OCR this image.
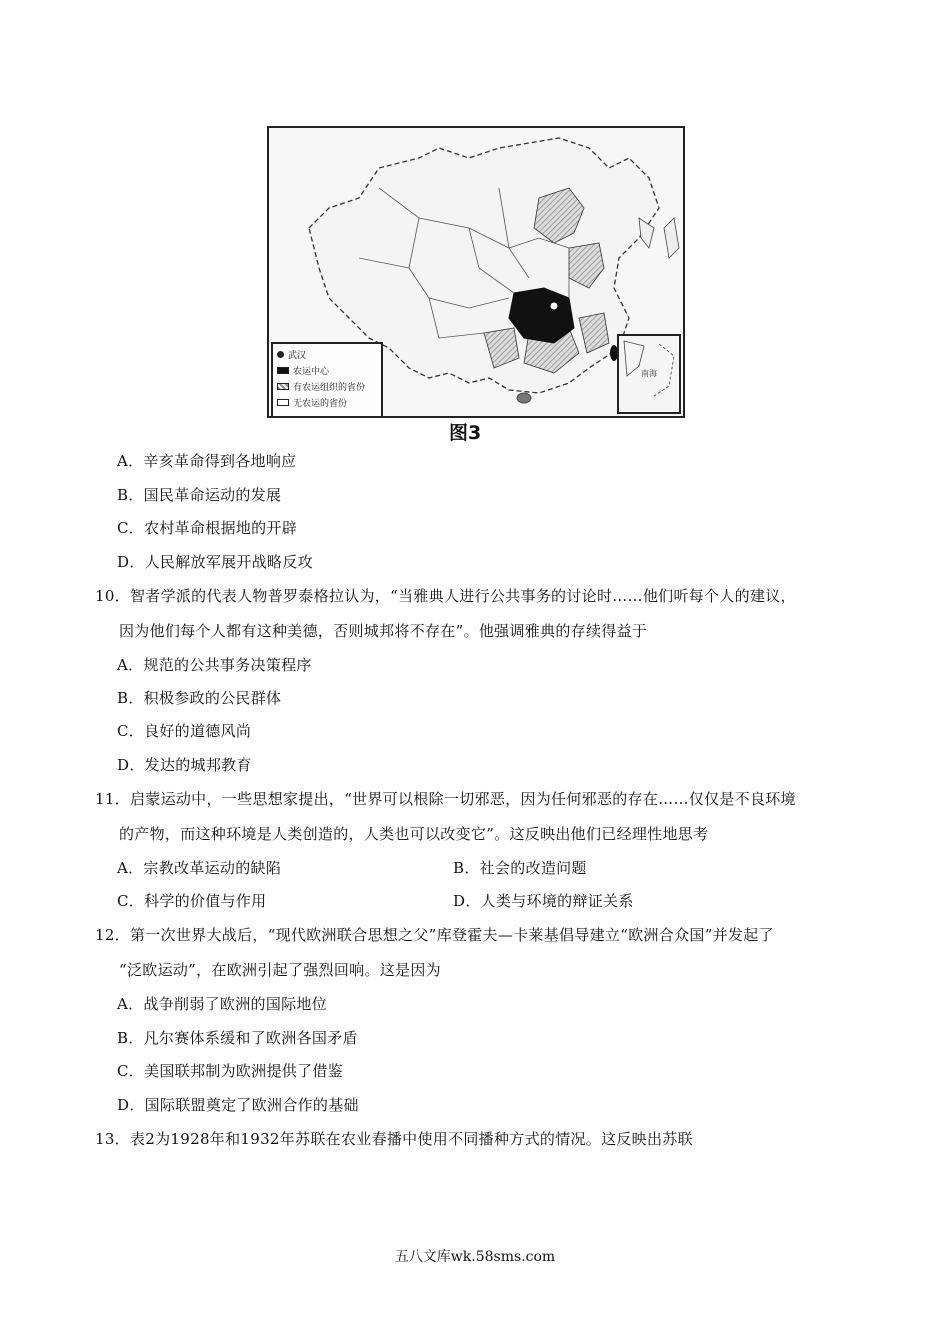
武汉
农运中心
有农运组织的省份
无农运的省份
南海
图3
A．辛亥革命得到各地响应
B．国民革命运动的发展
C．农村革命根据地的开辟
D．人民解放军展开战略反攻
10．智者学派的代表人物普罗泰格拉认为，“当雅典人进行公共事务的讨论时……他们听每个人的建议，
因为他们每个人都有这种美德，否则城邦将不存在”。他强调雅典的存续得益于
A．规范的公共事务决策程序
B．积极参政的公民群体
C．良好的道德风尚
D．发达的城邦教育
11．启蒙运动中，一些思想家提出，“世界可以根除一切邪恶，因为任何邪恶的存在……仅仅是不良环境
的产物，而这种环境是人类创造的，人类也可以改变它”。这反映出他们已经理性地思考
A．宗教改革运动的缺陷	B．社会的改造问题
C．科学的价值与作用	D．人类与环境的辩证关系
12．第一次世界大战后，“现代欧洲联合思想之父”库登霍夫—卡莱基倡导建立“欧洲合众国”并发起了
“泛欧运动”，在欧洲引起了强烈回响。这是因为
A．战争削弱了欧洲的国际地位
B．凡尔赛体系缓和了欧洲各国矛盾
C．美国联邦制为欧洲提供了借鉴
D．国际联盟奠定了欧洲合作的基础
13．表2为1928年和1932年苏联在农业春播中使用不同播种方式的情况。这反映出苏联
五八文库wk.58sms.com
